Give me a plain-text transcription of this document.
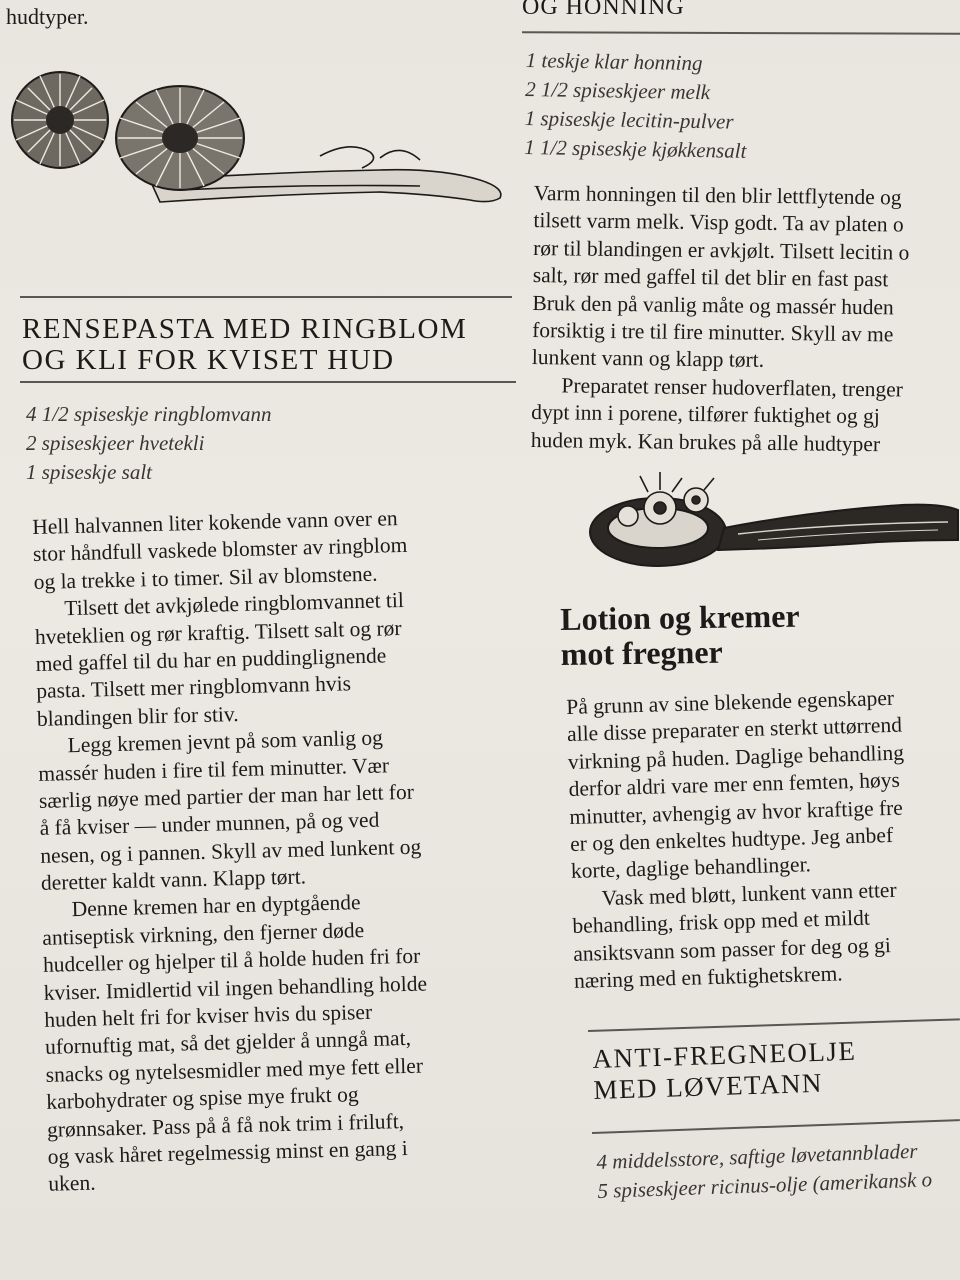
hudtyper.	OG HONNING
RENSEPASTA MED RINGBLOM
OG KLI FOR KVISET HUD
4 1/2 spiseskje ringblomvann
2 spiseskjeer hvetekli
1 spiseskje salt
Hell halvannen liter kokende vann over en
stor håndfull vaskede blomster av ringblom
og la trekke i to timer. Sil av blomstene.
Tilsett det avkjølede ringblomvannet til
hveteklien og rør kraftig. Tilsett salt og rør
med gaffel til du har en puddinglignende
pasta. Tilsett mer ringblomvann hvis
blandingen blir for stiv.
Legg kremen jevnt på som vanlig og
massér huden i fire til fem minutter. Vær
særlig nøye med partier der man har lett for
å få kviser — under munnen, på og ved
nesen, og i pannen. Skyll av med lunkent og
deretter kaldt vann. Klapp tørt.
Denne kremen har en dyptgående
antiseptisk virkning, den fjerner døde
hudceller og hjelper til å holde huden fri for
kviser. Imidlertid vil ingen behandling holde
huden helt fri for kviser hvis du spiser
ufornuftig mat, så det gjelder å unngå mat,
snacks og nytelsesmidler med mye fett eller
karbohydrater og spise mye frukt og
grønnsaker. Pass på å få nok trim i friluft,
og vask håret regelmessig minst en gang i
uken.
1 teskje klar honning
2 1/2 spiseskjeer melk
1 spiseskje lecitin-pulver
1 1/2 spiseskje kjøkkensalt
Varm honningen til den blir lettflytende og
tilsett varm melk. Visp godt. Ta av platen o
rør til blandingen er avkjølt. Tilsett lecitin o
salt, rør med gaffel til det blir en fast past
Bruk den på vanlig måte og massér huden
forsiktig i tre til fire minutter. Skyll av me
lunkent vann og klapp tørt.
Preparatet renser hudoverflaten, trenger
dypt inn i porene, tilfører fuktighet og gj
huden myk. Kan brukes på alle hudtyper
Lotion og kremer
mot fregner
På grunn av sine blekende egenskaper
alle disse preparater en sterkt uttørrend
virkning på huden. Daglige behandling
derfor aldri vare mer enn femten, høys
minutter, avhengig av hvor kraftige fre
er og den enkeltes hudtype. Jeg anbef
korte, daglige behandlinger.
Vask med bløtt, lunkent vann etter
behandling, frisk opp med et mildt
ansiktsvann som passer for deg og gi
næring med en fuktighetskrem.
ANTI-FREGNEOLJE
MED LØVETANN
4 middelsstore, saftige løvetannblader
5 spiseskjeer ricinus-olje (amerikansk o
